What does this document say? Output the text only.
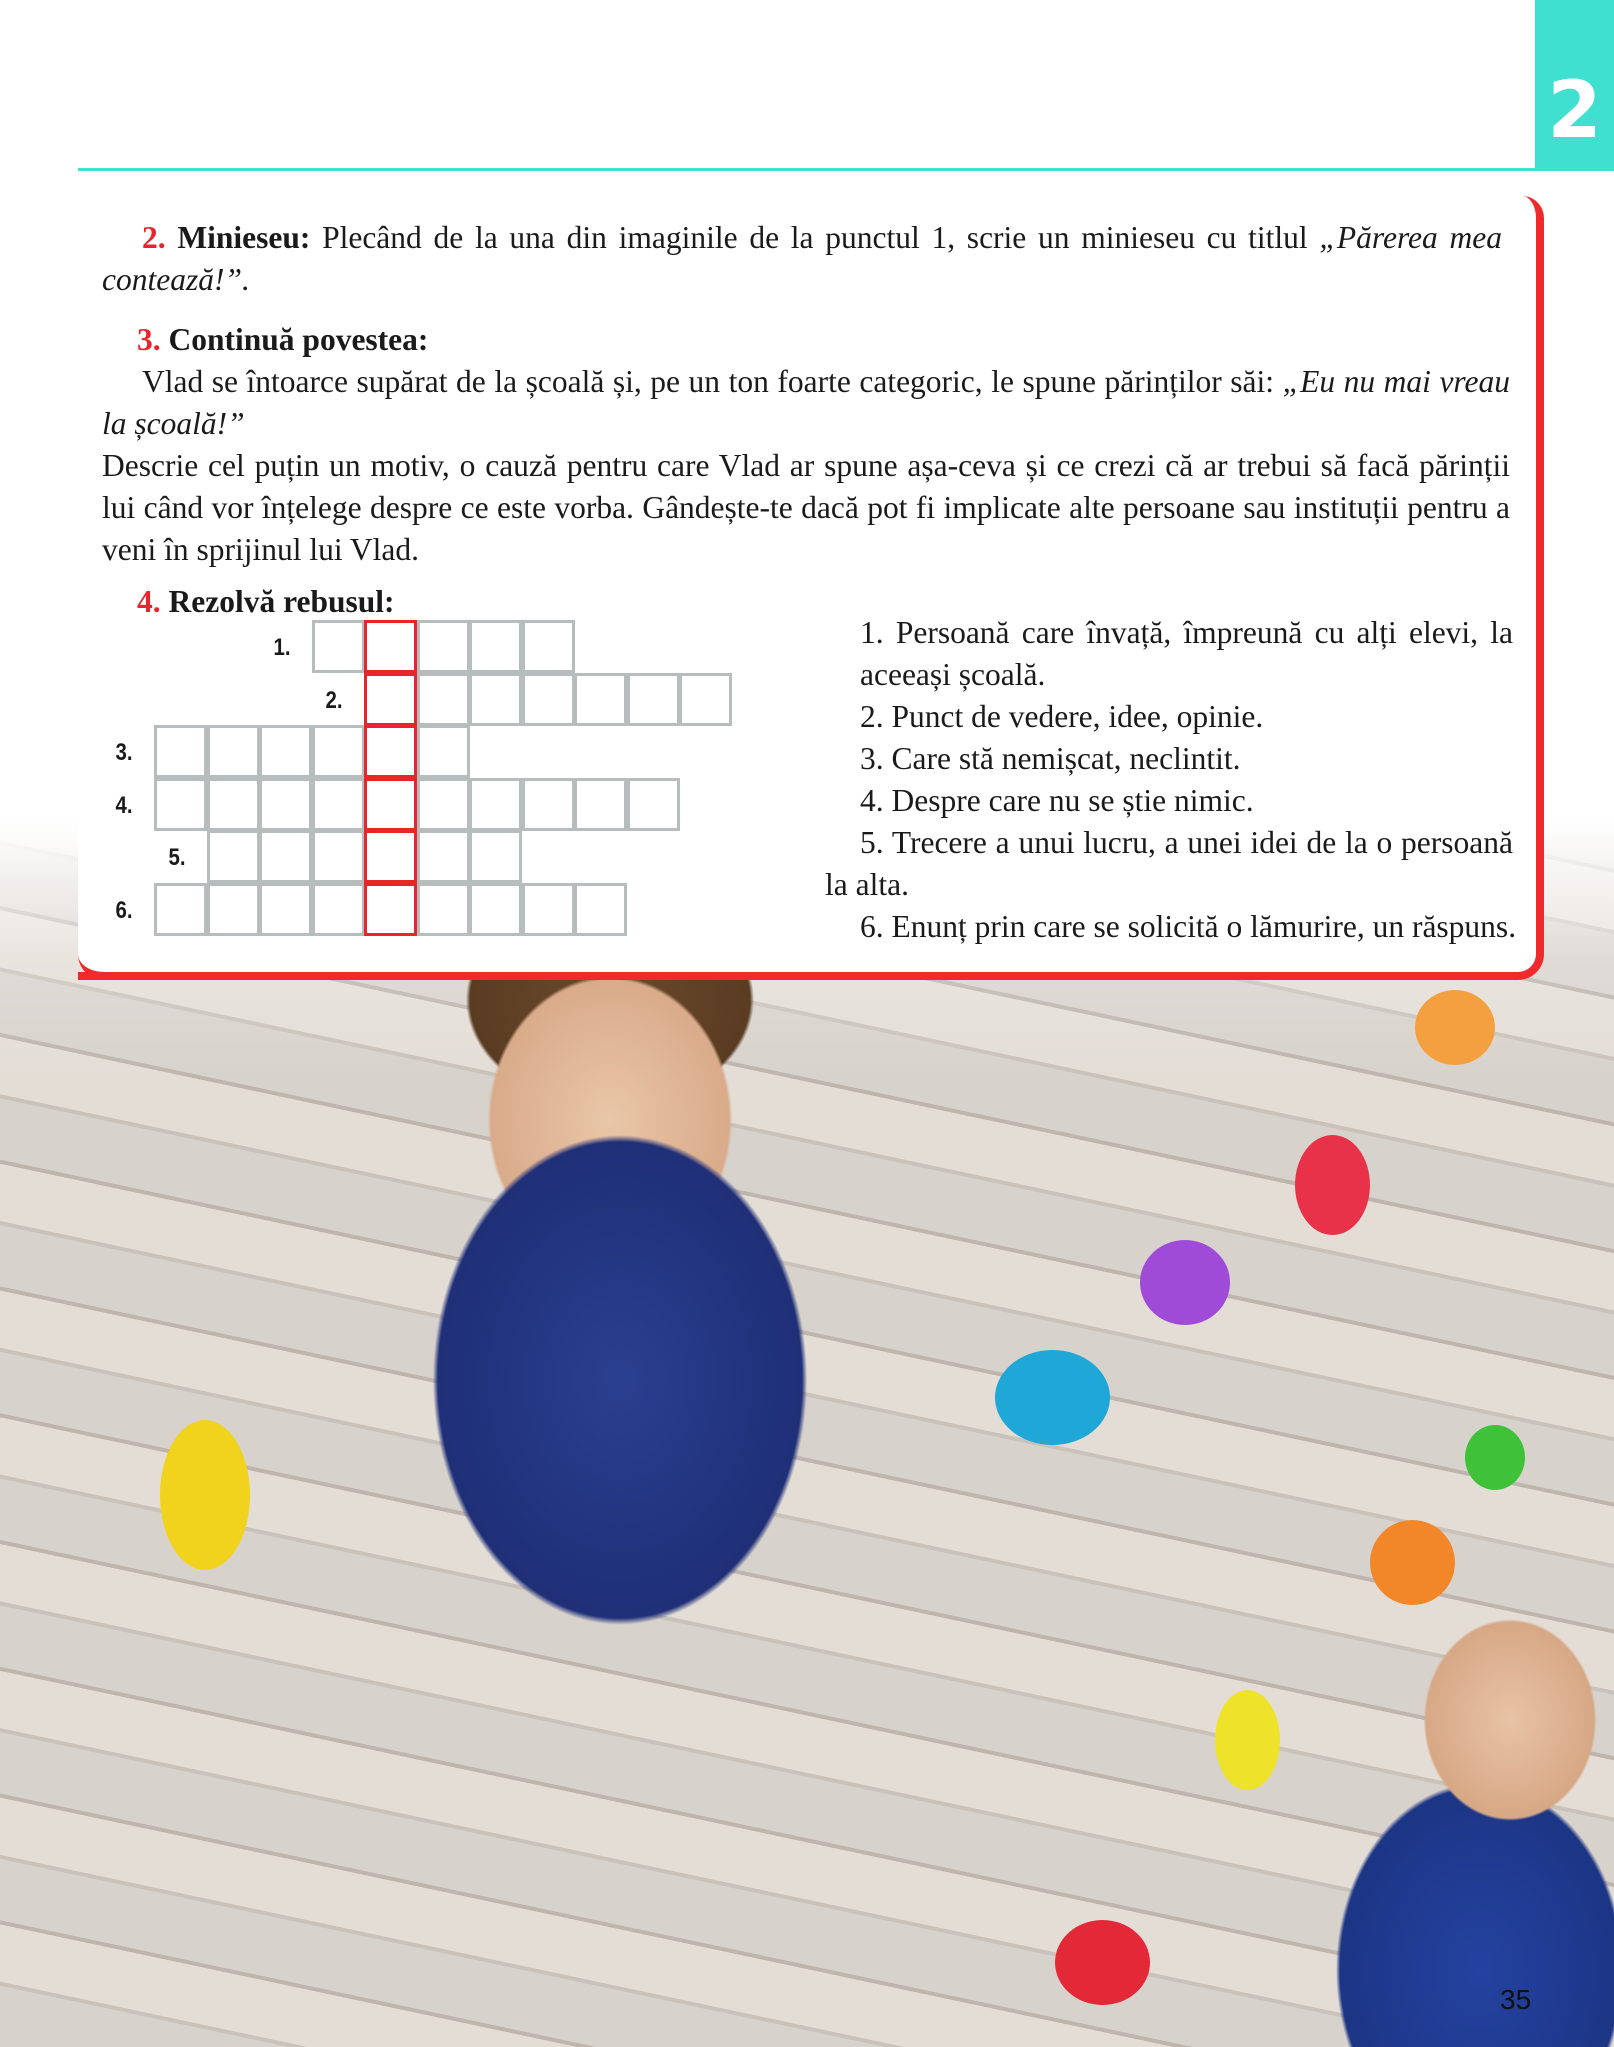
2
2. Minieseu: Plecând de la una din imaginile de la punctul 1, scrie un minieseu cu titlul „Părerea mea contează!”.
3. Continuă povestea:
Vlad se întoarce supărat de la școală și, pe un ton foarte categoric, le spune părinților săi: „Eu nu mai vreau la școală!”
Descrie cel puțin un motiv, o cauză pentru care Vlad ar spune așa-ceva și ce crezi că ar trebui să facă părinții lui când vor înțelege despre ce este vorba. Gândește-te dacă pot fi implicate alte persoane sau instituții pentru a veni în sprijinul lui Vlad.
4. Rezolvă rebusul:
1.
2.
3.
4.
5.
6.
1. Persoană care învață, împreună cu alți elevi, la aceeași școală.
2. Punct de vedere, idee, opinie.
3. Care stă nemișcat, neclintit.
4. Despre care nu se știe nimic.
5. Trecere a unui lucru, a unei idei de la o persoană la alta.
6. Enunț prin care se solicită o lămurire, un răspuns.
35
